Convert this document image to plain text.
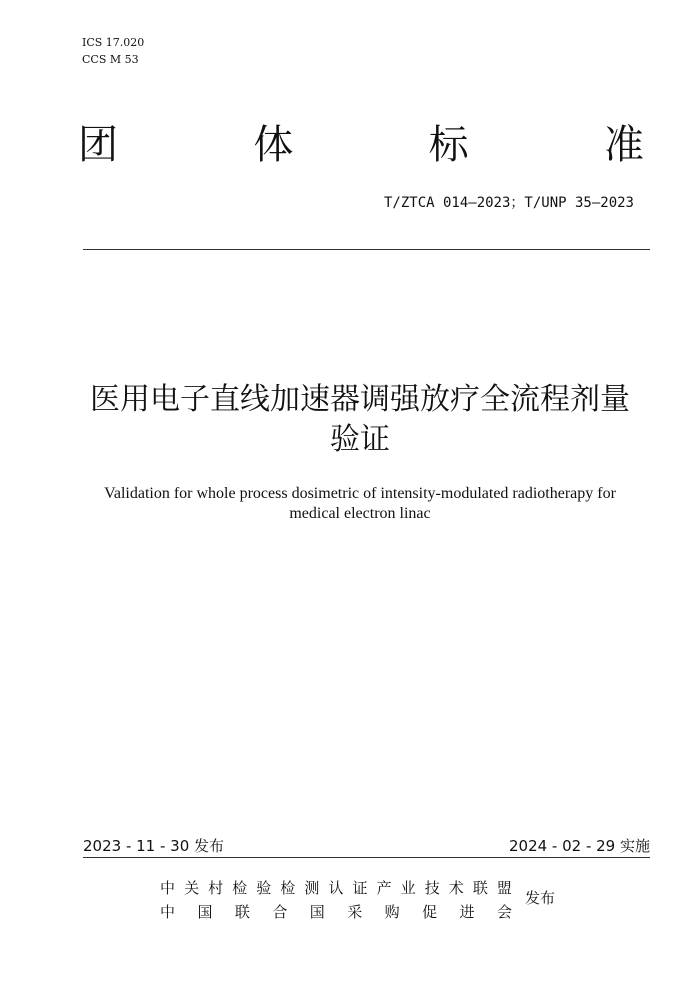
ICS 17.020
CCS M 53
团	体	标	准
T/ZTCA 014—2023；T/UNP 35—2023
医用电子直线加速器调强放疗全流程剂量
验证
Validation for whole process dosimetric of intensity-modulated radiotherapy for
medical electron linac
2023 - 11 - 30 发布	2024 - 02 - 29 实施
中 关 村 检 验 检 测 认 证 产 业 技 术 联 盟
中 国 联 合 国 采 购 促 进 会
发布
